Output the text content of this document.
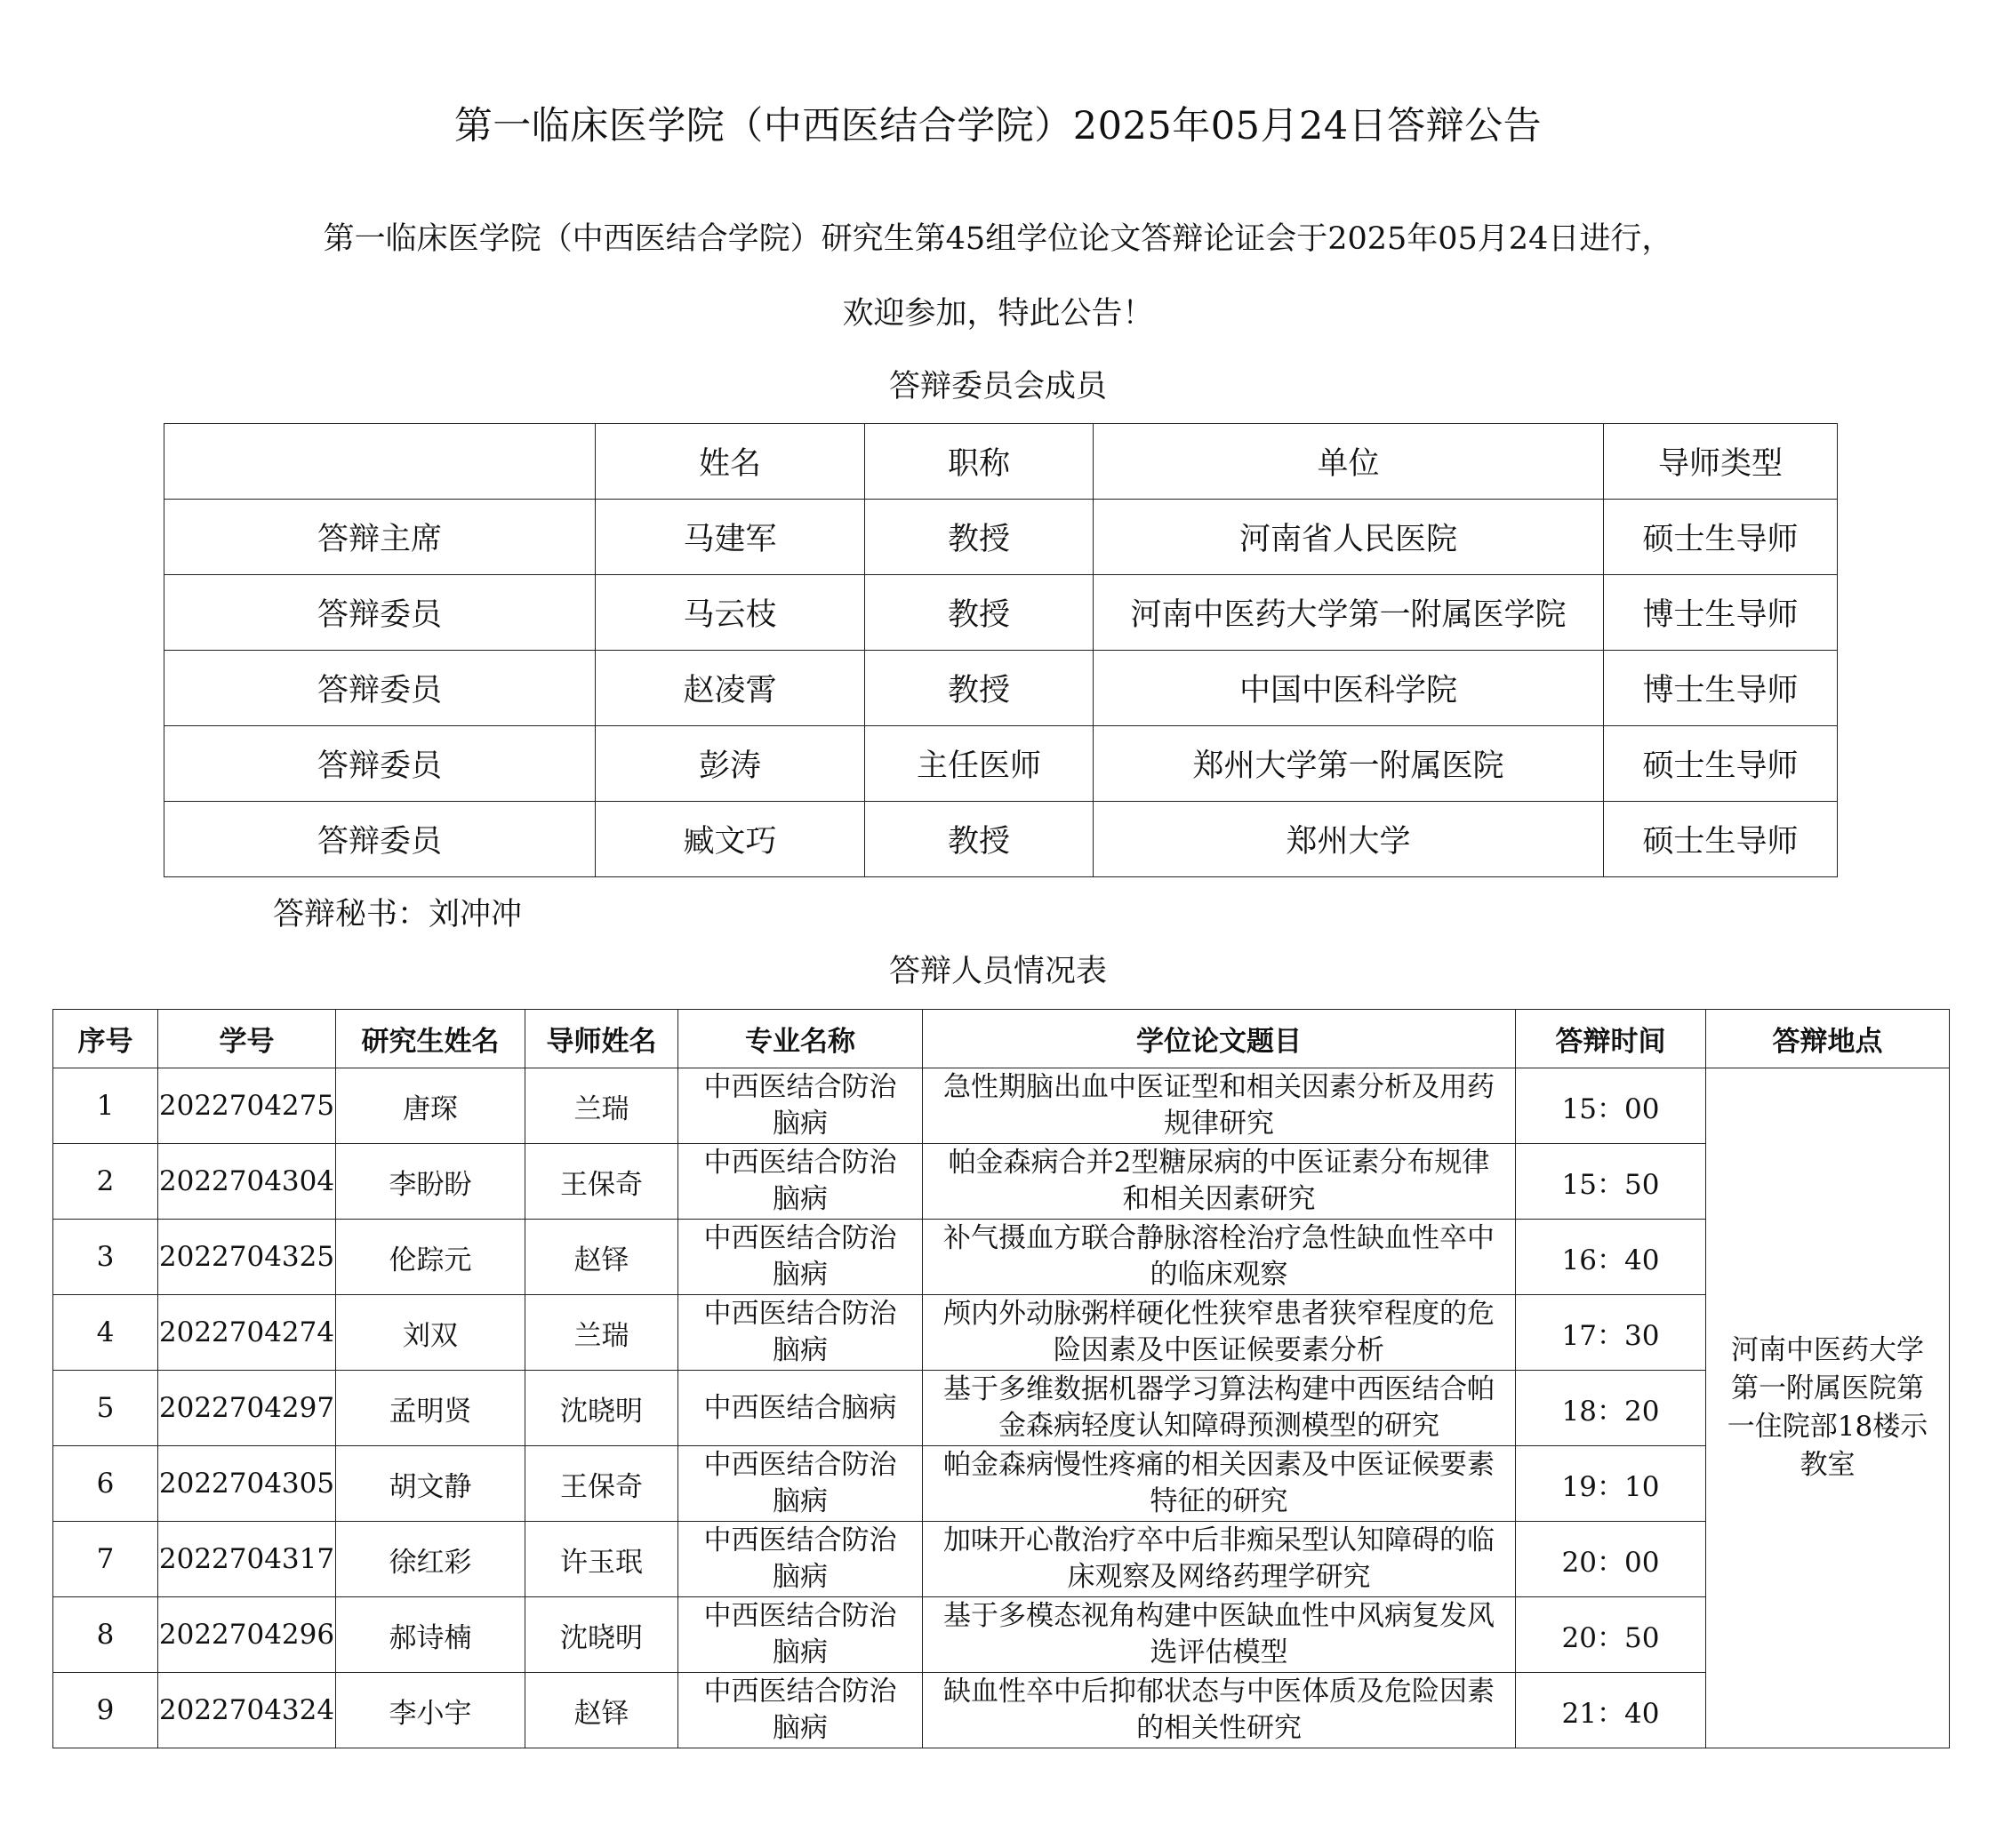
第一临床医学院（中西医结合学院）2025年05月24日答辩公告
第一临床医学院（中西医结合学院）研究生第45组学位论文答辩论证会于2025年05月24日进行，
欢迎参加，特此公告！
答辩委员会成员
	姓名	职称	单位	导师类型
答辩主席	马建军	教授	河南省人民医院	硕士生导师
答辩委员	马云枝	教授	河南中医药大学第一附属医学院	博士生导师
答辩委员	赵凌霄	教授	中国中医科学院	博士生导师
答辩委员	彭涛	主任医师	郑州大学第一附属医院	硕士生导师
答辩委员	臧文巧	教授	郑州大学	硕士生导师
答辩秘书：刘冲冲
答辩人员情况表
序号	学号	研究生姓名	导师姓名	专业名称	学位论文题目	答辩时间	答辩地点
1	2022704275	唐琛	兰瑞	中西医结合防治脑病	急性期脑出血中医证型和相关因素分析及用药规律研究	15：00	河南中医药大学第一附属医院第一住院部18楼示教室
2	2022704304	李盼盼	王保奇	中西医结合防治脑病	帕金森病合并2型糖尿病的中医证素分布规律和相关因素研究	15：50	
3	2022704325	伦踪元	赵铎	中西医结合防治脑病	补气摄血方联合静脉溶栓治疗急性缺血性卒中的临床观察	16：40	
4	2022704274	刘双	兰瑞	中西医结合防治脑病	颅内外动脉粥样硬化性狭窄患者狭窄程度的危险因素及中医证候要素分析	17：30	
5	2022704297	孟明贤	沈晓明	中西医结合脑病	基于多维数据机器学习算法构建中西医结合帕金森病轻度认知障碍预测模型的研究	18：20	
6	2022704305	胡文静	王保奇	中西医结合防治脑病	帕金森病慢性疼痛的相关因素及中医证候要素特征的研究	19：10	
7	2022704317	徐红彩	许玉珉	中西医结合防治脑病	加味开心散治疗卒中后非痴呆型认知障碍的临床观察及网络药理学研究	20：00	
8	2022704296	郝诗楠	沈晓明	中西医结合防治脑病	基于多模态视角构建中医缺血性中风病复发风选评估模型	20：50	
9	2022704324	李小宇	赵铎	中西医结合防治脑病	缺血性卒中后抑郁状态与中医体质及危险因素的相关性研究	21：40	
